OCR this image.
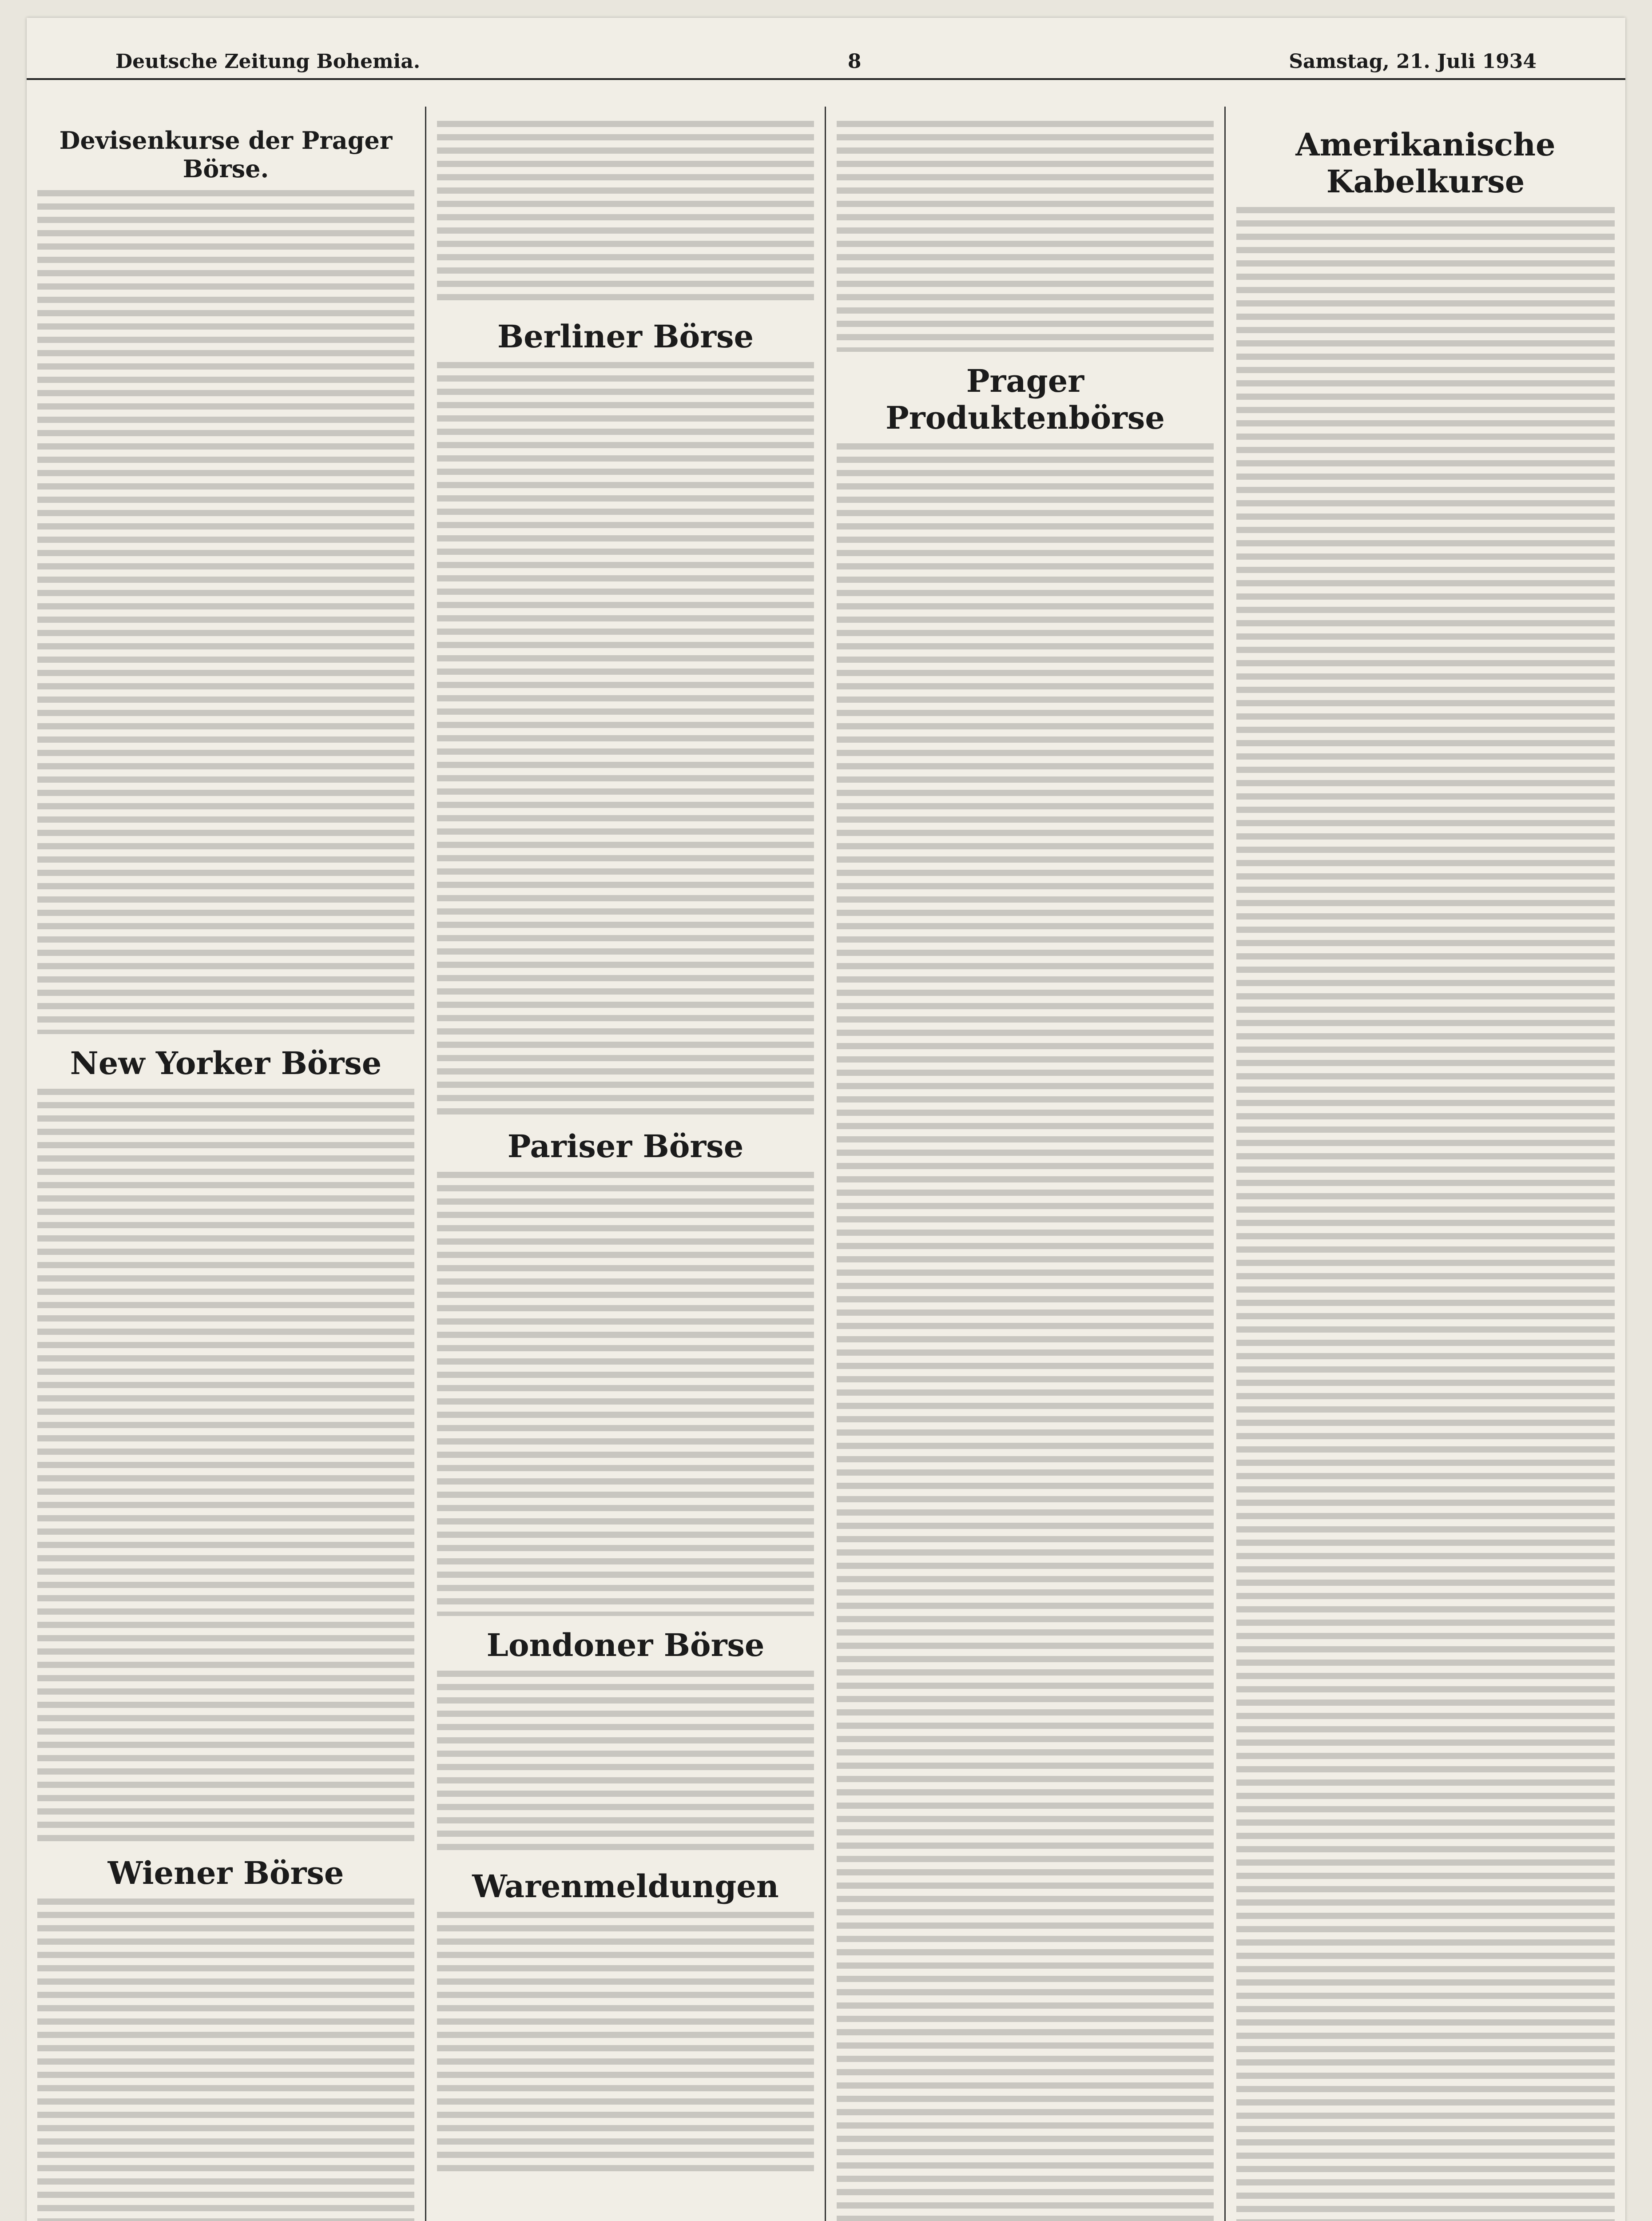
Deutsche Zeitung Bohemia.	8	Samstag, 21. Juli 1934
Devisenkurse der Prager Börse.
New Yorker Börse
Wiener Börse
Berliner Börse
Pariser Börse
Londoner Börse
Warenmeldungen
Prager Produktenbörse
Amerikanische Kabelkurse
